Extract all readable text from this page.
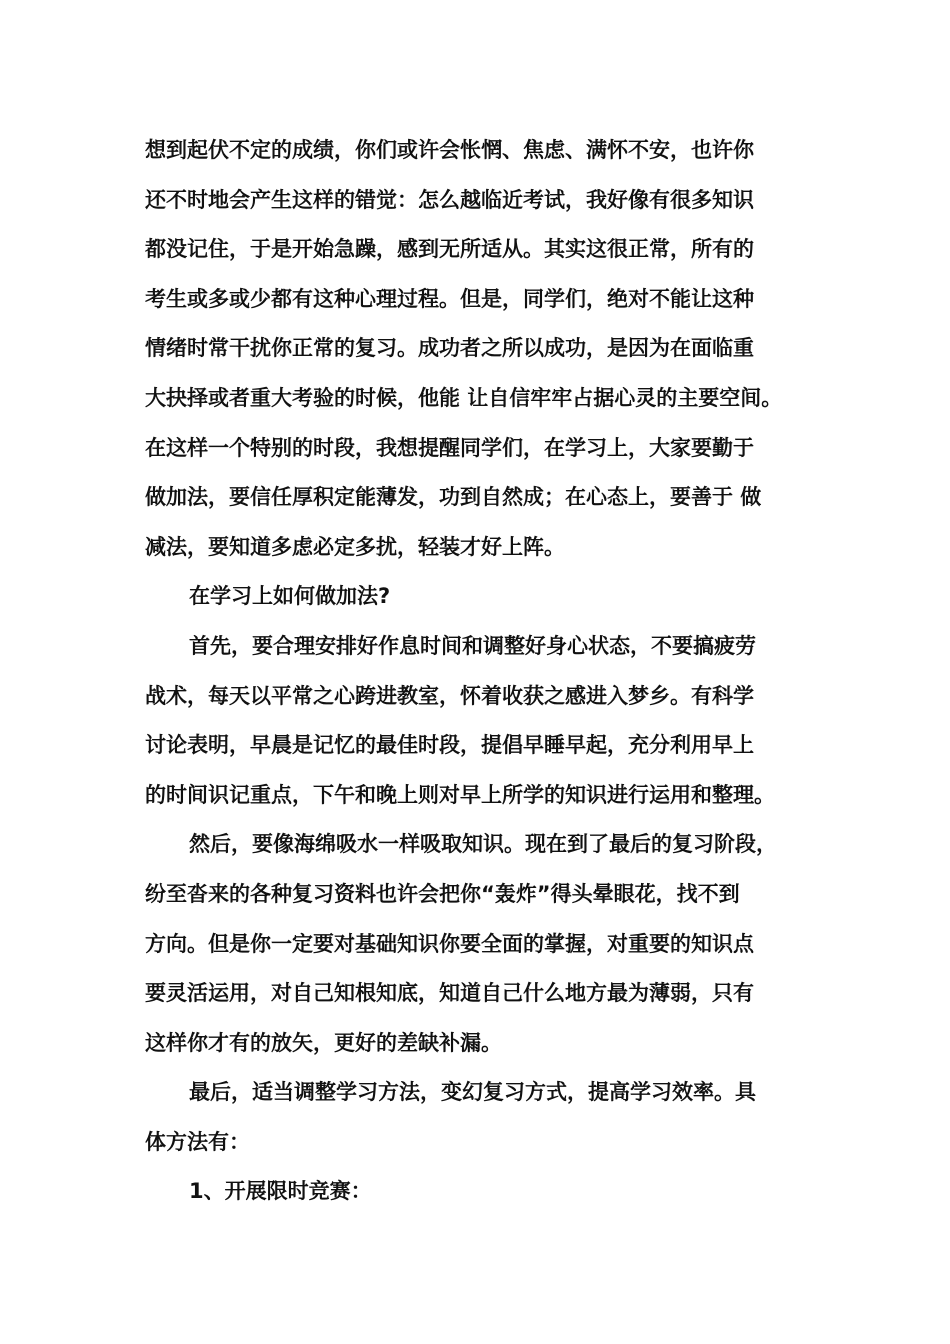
想到起伏不定的成绩，你们或许会怅惘、焦虑、满怀不安，也许你
还不时地会产生这样的错觉：怎么越临近考试，我好像有很多知识
都没记住，于是开始急躁，感到无所适从。其实这很正常，所有的
考生或多或少都有这种心理过程。但是，同学们，绝对不能让这种
情绪时常干扰你正常的复习。成功者之所以成功，是因为在面临重
大抉择或者重大考验的时候，他能 让自信牢牢占据心灵的主要空间。
在这样一个特别的时段，我想提醒同学们，在学习上，大家要勤于
做加法，要信任厚积定能薄发，功到自然成；在心态上，要善于 做
减法，要知道多虑必定多扰，轻装才好上阵。
在学习上如何做加法?
首先，要合理安排好作息时间和调整好身心状态，不要搞疲劳
战术，每天以平常之心跨进教室，怀着收获之感进入梦乡。有科学
讨论表明，早晨是记忆的最佳时段，提倡早睡早起，充分利用早上
的时间识记重点，下午和晚上则对早上所学的知识进行运用和整理。
然后，要像海绵吸水一样吸取知识。现在到了最后的复习阶段，
纷至沓来的各种复习资料也许会把你“轰炸”得头晕眼花，找不到
方向。但是你一定要对基础知识你要全面的掌握，对重要的知识点
要灵活运用，对自己知根知底，知道自己什么地方最为薄弱，只有
这样你才有的放矢，更好的差缺补漏。
最后，适当调整学习方法，变幻复习方式，提高学习效率。具
体方法有：
1、开展限时竞赛：
